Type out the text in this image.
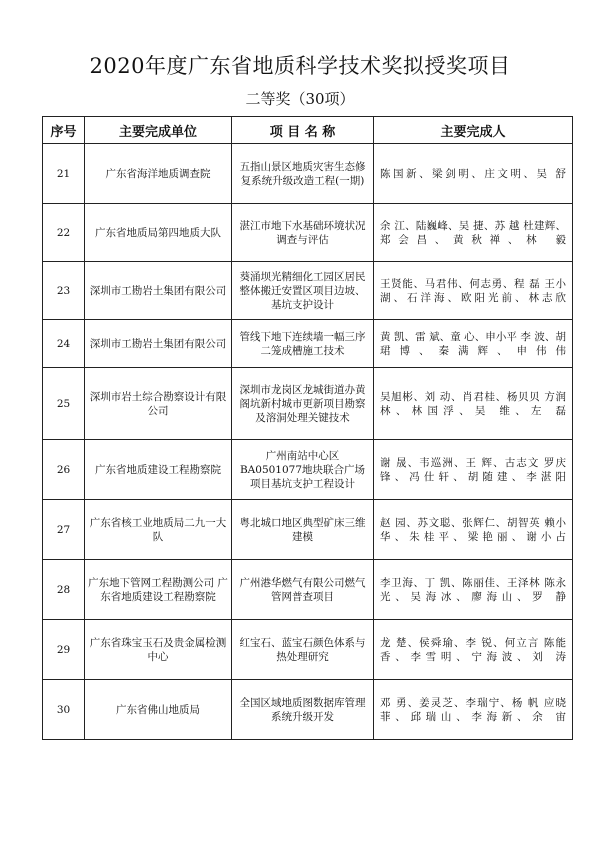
2020年度广东省地质科学技术奖拟授奖项目
二等奖（30项）
序号	主要完成单位	项 目 名 称	主要完成人
21	广东省海洋地质调查院	五指山景区地质灾害生态修复系统升级改造工程(一期)	陈国新、梁剑明、庄文明、吴 舒
22	广东省地质局第四地质大队	湛江市地下水基础环境状况调查与评估	余 江、陆巍峰、吴 捷、苏 越 杜建辉、郑会昌、黄秋禅、林 毅
23	深圳市工勘岩土集团有限公司	葵涌坝光精细化工园区居民整体搬迁安置区项目边坡、基坑支护设计	王贤能、马君伟、何志勇、程 磊 王小湖、石洋海、欧阳光前、林志欣
24	深圳市工勘岩土集团有限公司	管线下地下连续墙一幅三序二笼成槽施工技术	黄 凯、雷 斌、童 心、申小平 李 波、胡珺博、秦满辉、申伟伟
25	深圳市岩土综合勘察设计有限公司	深圳市龙岗区龙城街道办黄阁坑新村城市更新项目勘察及溶洞处理关键技术	吴旭彬、刘 动、肖君桂、杨贝贝 方润林、林国浮、吴 维、左 磊
26	广东省地质建设工程勘察院	广州南站中心区BA0501077地块联合广场项目基坑支护工程设计	谢 晟、韦巡洲、王 辉、古志文 罗庆锋、冯仕轩、胡随建、李湛阳
27	广东省核工业地质局二九一大队	粤北城口地区典型矿床三维建模	赵 园、苏文聪、张辉仁、胡智英 赖小华、朱桂平、梁艳丽、谢小占
28	广东地下管网工程勘测公司 广东省地质建设工程勘察院	广州港华燃气有限公司燃气管网普查项目	李卫海、丁 凯、陈丽佳、王泽林 陈永光、吴海冰、廖海山、罗 静
29	广东省珠宝玉石及贵金属检测中心	红宝石、蓝宝石颜色体系与热处理研究	龙 楚、侯舜瑜、李 锐、何立言 陈能香、李雪明、宁海波、刘 涛
30	广东省佛山地质局	全国区域地质图数据库管理系统升级开发	邓 勇、姜灵芝、李瑞宁、杨 帆 应晓菲、邱瑞山、李海新、余 宙
